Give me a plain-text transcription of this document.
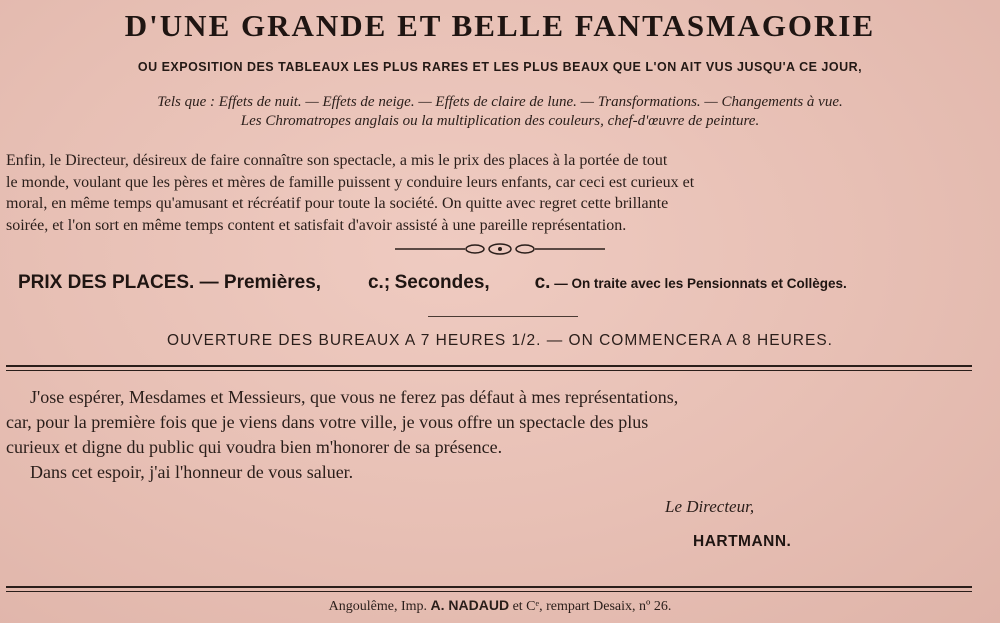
D'UNE GRANDE ET BELLE FANTASMAGORIE
OU EXPOSITION DES TABLEAUX LES PLUS RARES ET LES PLUS BEAUX QUE L'ON AIT VUS JUSQU'A CE JOUR,
Tels que : Effets de nuit. — Effets de neige. — Effets de claire de lune. — Transformations. — Changements à vue.
Les Chromatropes anglais ou la multiplication des couleurs, chef-d'œuvre de peinture.
Enfin, le Directeur, désireux de faire connaître son spectacle, a mis le prix des places à la portée de tout
le monde, voulant que les pères et mères de famille puissent y conduire leurs enfants, car ceci est curieux et
moral, en même temps qu'amusant et récréatif pour toute la société. On quitte avec regret cette brillante
soirée, et l'on sort en même temps content et satisfait d'avoir assisté à une pareille représentation.
PRIX DES PLACES. — Premières, c.; Secondes, c. — On traite avec les Pensionnats et Collèges.
OUVERTURE DES BUREAUX A 7 HEURES 1/2. — ON COMMENCERA A 8 HEURES.
J'ose espérer, Mesdames et Messieurs, que vous ne ferez pas défaut à mes représentations,
car, pour la première fois que je viens dans votre ville, je vous offre un spectacle des plus
curieux et digne du public qui voudra bien m'honorer de sa présence.
Dans cet espoir, j'ai l'honneur de vous saluer.
Le Directeur,
HARTMANN.
Angoulême, Imp. A. NADAUD et Cᵉ, rempart Desaix, nº 26.
